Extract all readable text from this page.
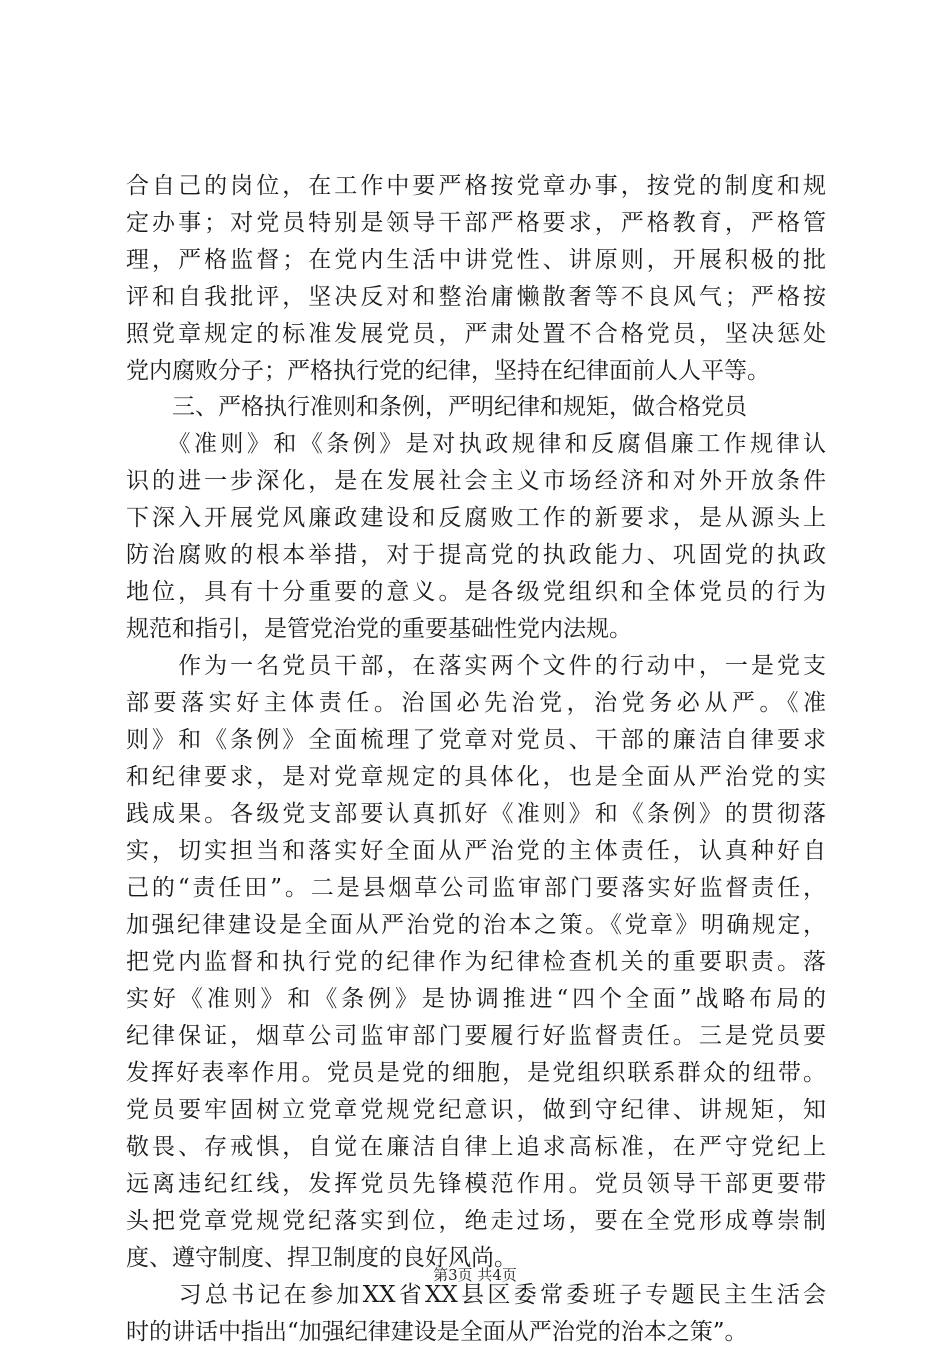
合自己的岗位，在工作中要严格按党章办事，按党的制度和规
定办事；对党员特别是领导干部严格要求，严格教育，严格管
理，严格监督；在党内生活中讲党性、讲原则，开展积极的批
评和自我批评，坚决反对和整治庸懒散奢等不良风气；严格按
照党章规定的标准发展党员，严肃处置不合格党员，坚决惩处
党内腐败分子；严格执行党的纪律，坚持在纪律面前人人平等。
　　三、严格执行准则和条例，严明纪律和规矩，做合格党员
　　《准则》和《条例》是对执政规律和反腐倡廉工作规律认
识的进一步深化，是在发展社会主义市场经济和对外开放条件
下深入开展党风廉政建设和反腐败工作的新要求，是从源头上
防治腐败的根本举措，对于提高党的执政能力、巩固党的执政
地位，具有十分重要的意义。是各级党组织和全体党员的行为
规范和指引，是管党治党的重要基础性党内法规。
　　作为一名党员干部，在落实两个文件的行动中，一是党支
部要落实好主体责任。治国必先治党，治党务必从严。《准
则》和《条例》全面梳理了党章对党员、干部的廉洁自律要求
和纪律要求，是对党章规定的具体化，也是全面从严治党的实
践成果。各级党支部要认真抓好《准则》和《条例》的贯彻落
实，切实担当和落实好全面从严治党的主体责任，认真种好自
己的“责任田”。二是县烟草公司监审部门要落实好监督责任，
加强纪律建设是全面从严治党的治本之策。《党章》明确规定，
把党内监督和执行党的纪律作为纪律检查机关的重要职责。落
实好《准则》和《条例》是协调推进“四个全面”战略布局的
纪律保证，烟草公司监审部门要履行好监督责任。三是党员要
发挥好表率作用。党员是党的细胞，是党组织联系群众的纽带。
党员要牢固树立党章党规党纪意识，做到守纪律、讲规矩，知
敬畏、存戒惧，自觉在廉洁自律上追求高标准，在严守党纪上
远离违纪红线，发挥党员先锋模范作用。党员领导干部更要带
头把党章党规党纪落实到位，绝走过场，要在全党形成尊崇制
度、遵守制度、捍卫制度的良好风尚。
　　习总书记在参加XX省XX县区委常委班子专题民主生活会
时的讲话中指出“加强纪律建设是全面从严治党的治本之策”。
第3页 共4页
